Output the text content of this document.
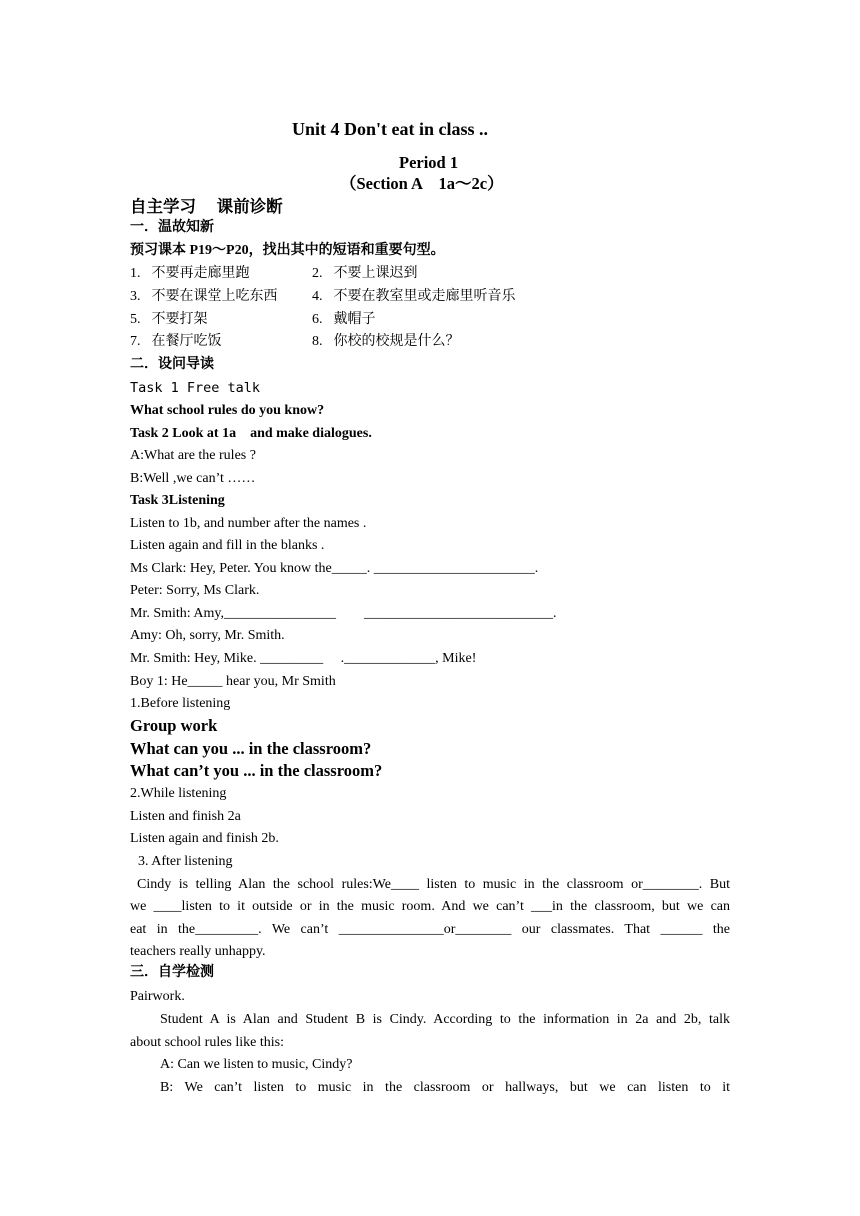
Unit 4 Don't eat in class ..
Period 1
（Section A　1a～2c）
自主学习　 课前诊断
一．温故知新
预习课本 P19～P20，找出其中的短语和重要句型。
1. 不要再走廊里跑	2. 不要上课迟到
3. 不要在课堂上吃东西 4. 不要在教室里或走廊里听音乐
5. 不要打架	6. 戴帽子
7. 在餐厅吃饭	8. 你校的校规是什么？
二．设问导读
Task 1 Free talk
What school rules do you know?
Task 2 Look at 1a　and make dialogues.
A:What are the rules ?
B:Well ,we can’t ……
Task 3Listening
Listen to 1b, and number after the names .
Listen again and fill in the blanks .
Ms Clark: Hey, Peter. You know the_____. _______________________.
Peter: Sorry, Ms Clark.
Mr. Smith: Amy,________________　　___________________________.
Amy: Oh, sorry, Mr. Smith.
Mr. Smith: Hey, Mike. _________　 ._____________, Mike!
Boy 1: He_____ hear you, Mr Smith
1.Before listening
Group work
What can you ... in the classroom?
What can’t you ... in the classroom?
2.While listening
Listen and finish 2a
Listen again and finish 2b.
3. After listening
Cindy is telling Alan the school rules:We____ listen to music in the classroom or________. But
we ____listen to it outside or in the music room. And we can’t ___in the classroom, but we can
eat in the_________. We can’t _______________or________ our classmates. That ______ the
teachers really unhappy.
三．自学检测
Pairwork.
Student A is Alan and Student B is Cindy. According to the information in 2a and 2b, talk
about school rules like this:
A: Can we listen to music, Cindy?
B: We can’t listen to music in the classroom or hallways, but we can listen to it
